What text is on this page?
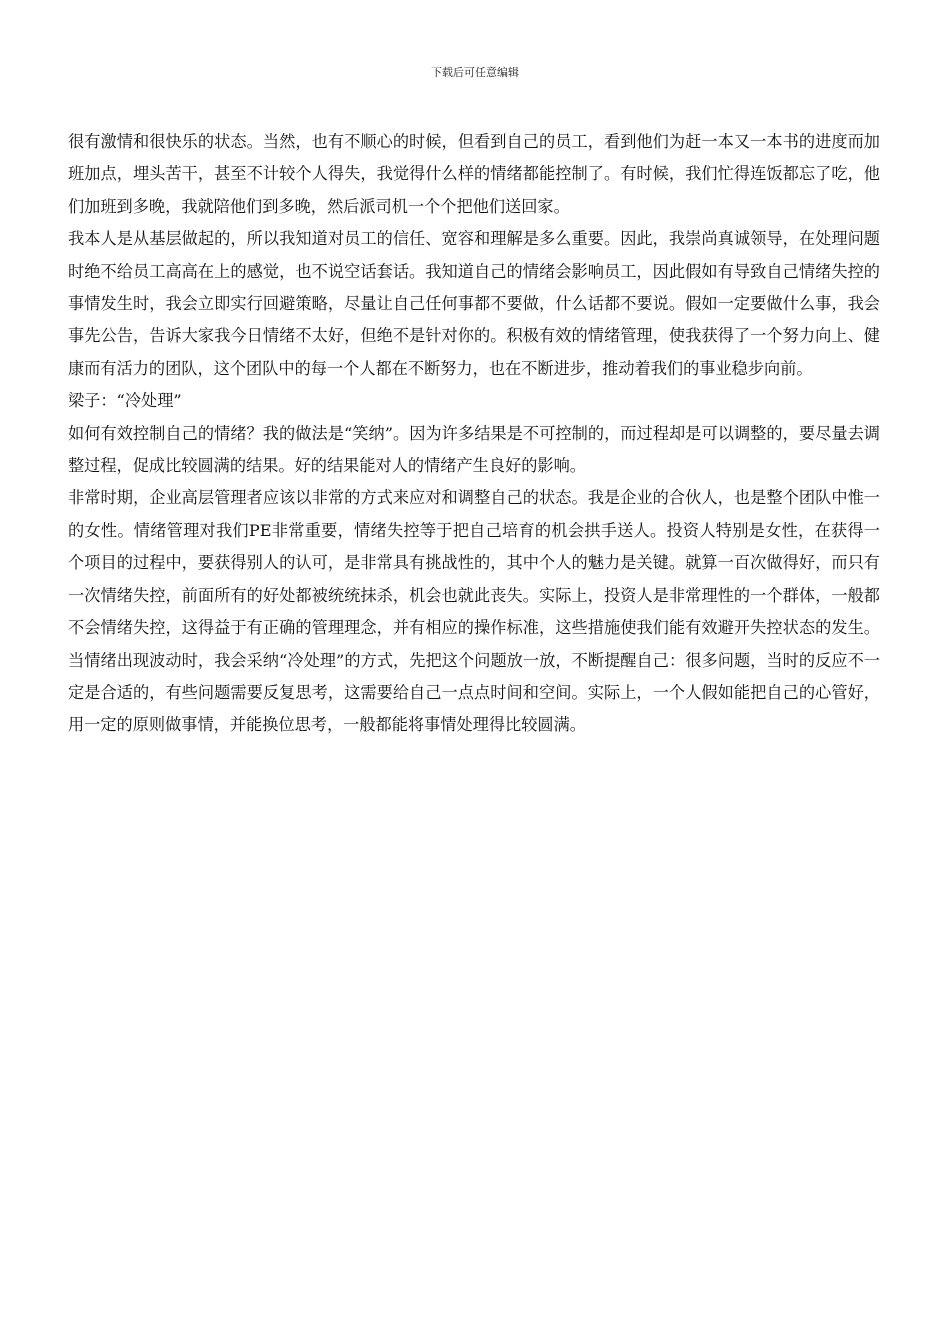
下载后可任意编辑

很有激情和很快乐的状态。当然，也有不顺心的时候，但看到自己的员工，看到他们为赶一本又一本书的进度而加班加点，埋头苦干，甚至不计较个人得失，我觉得什么样的情绪都能控制了。有时候，我们忙得连饭都忘了吃，他们加班到多晚，我就陪他们到多晚，然后派司机一个个把他们送回家。

我本人是从基层做起的，所以我知道对员工的信任、宽容和理解是多么重要。因此，我崇尚真诚领导，在处理问题时绝不给员工高高在上的感觉，也不说空话套话。我知道自己的情绪会影响员工，因此假如有导致自己情绪失控的事情发生时，我会立即实行回避策略，尽量让自己任何事都不要做，什么话都不要说。假如一定要做什么事，我会事先公告，告诉大家我今日情绪不太好，但绝不是针对你的。积极有效的情绪管理，使我获得了一个努力向上、健康而有活力的团队，这个团队中的每一个人都在不断努力，也在不断进步，推动着我们的事业稳步向前。

梁子：“冷处理”

如何有效控制自己的情绪？我的做法是“笑纳”。因为许多结果是不可控制的，而过程却是可以调整的，要尽量去调整过程，促成比较圆满的结果。好的结果能对人的情绪产生良好的影响。

非常时期，企业高层管理者应该以非常的方式来应对和调整自己的状态。我是企业的合伙人，也是整个团队中惟一的女性。情绪管理对我们PE非常重要，情绪失控等于把自己培育的机会拱手送人。投资人特别是女性，在获得一个项目的过程中，要获得别人的认可，是非常具有挑战性的，其中个人的魅力是关键。就算一百次做得好，而只有一次情绪失控，前面所有的好处都被统统抹杀，机会也就此丧失。实际上，投资人是非常理性的一个群体，一般都不会情绪失控，这得益于有正确的管理理念，并有相应的操作标准，这些措施使我们能有效避开失控状态的发生。当情绪出现波动时，我会采纳“冷处理”的方式，先把这个问题放一放，不断提醒自己：很多问题，当时的反应不一定是合适的，有些问题需要反复思考，这需要给自己一点点时间和空间。实际上，一个人假如能把自己的心管好，用一定的原则做事情，并能换位思考，一般都能将事情处理得比较圆满。
